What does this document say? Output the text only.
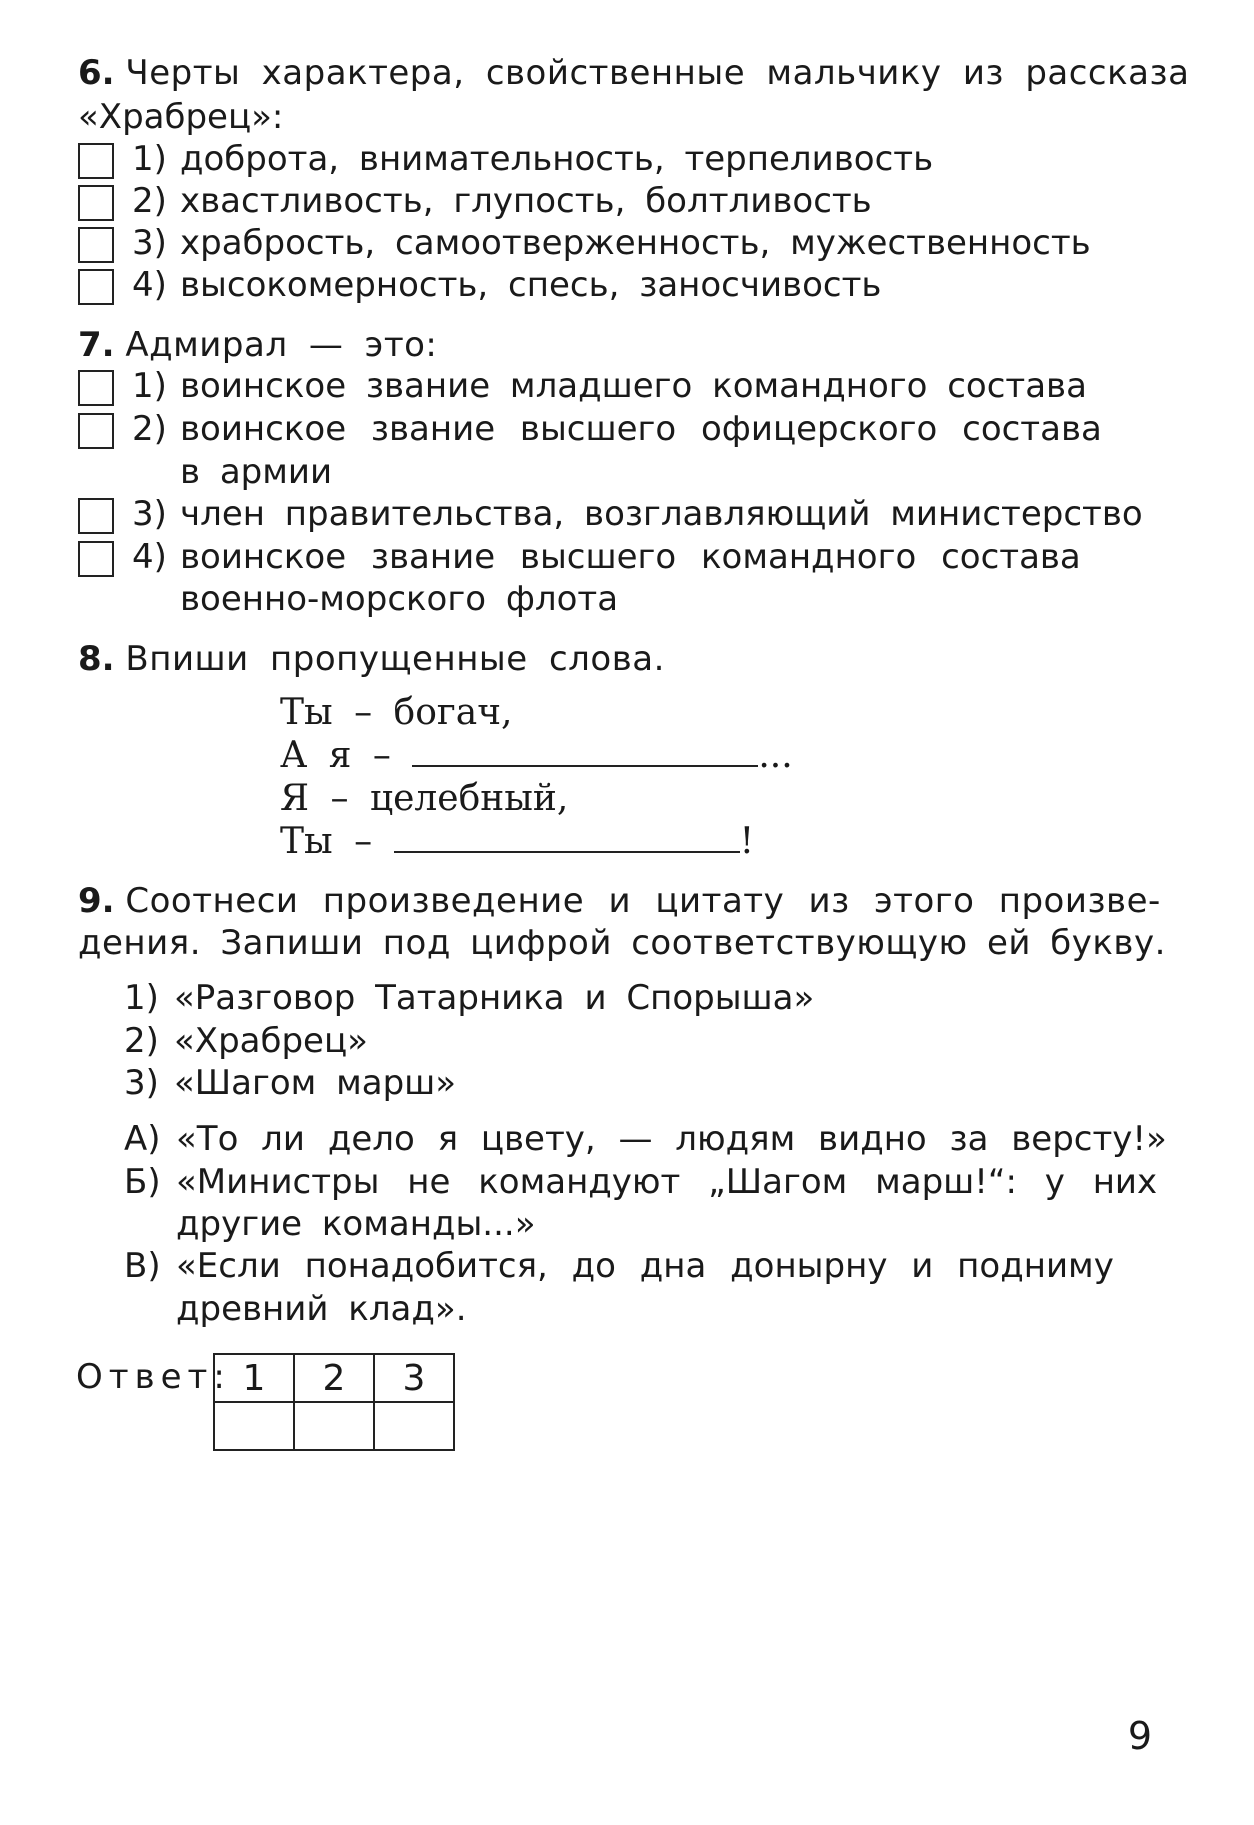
6. Черты характера, свойственные мальчику из рассказа
«Храбрец»:
1) доброта, внимательность, терпеливость
2) хвастливость, глупость, болтливость
3) храбрость, самоотверженность, мужественность
4) высокомерность, спесь, заносчивость
7. Адмирал — это:
1) воинское звание младшего командного состава
2) воинское звание высшего офицерского состава
в армии
3) член правительства, возглавляющий министерство
4) воинское звание высшего командного состава
военно-морского флота
8. Впиши пропущенные слова.
Ты – богач,
А я –	...
Я – целебный,
Ты –	!
9. Соотнеси произведение и цитату из этого произве-
дения. Запиши под цифрой соответствующую ей букву.
1) «Разговор Татарника и Спорыша»
2) «Храбрец»
3) «Шагом марш»
А) «То ли дело я цвету, — людям видно за версту!»
Б) «Министры не командуют „Шагом марш!“: у них
другие команды...»
В) «Если понадобится, до дна донырну и подниму
древний клад».
Ответ: 1	2	3

9
